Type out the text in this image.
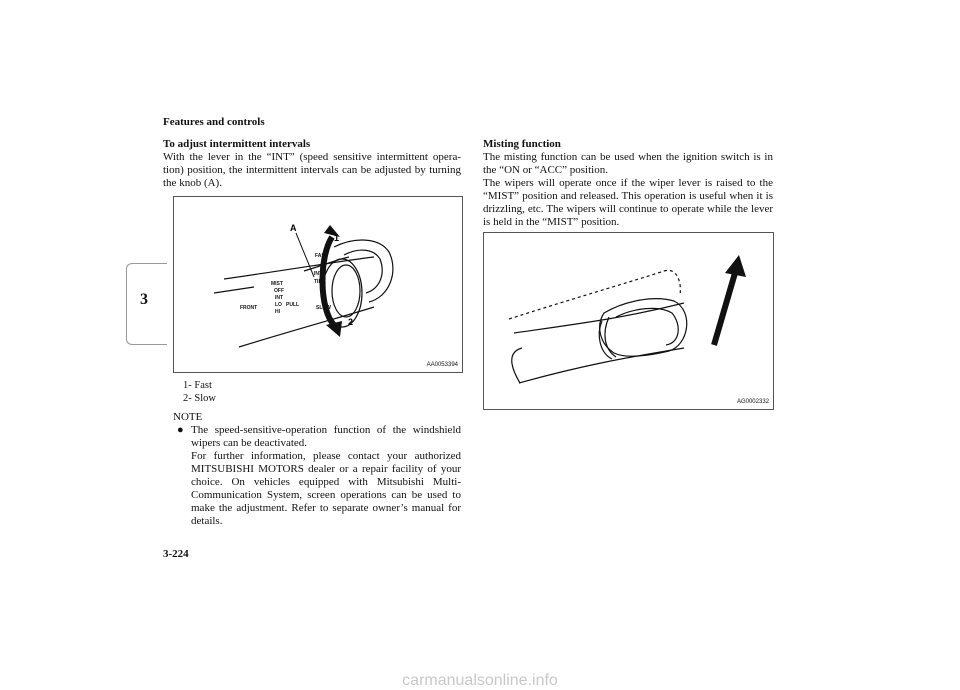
Features and controls
3
To adjust intermittent intervals

With the lever in the “INT” (speed sensitive intermittent opera-tion) position, the intermittent intervals can be adjusted by turning the knob (A).

A
1
2
MIST
OFF
INT
LO PULL
HI
FRONT
INT
TIME
FAST
SLOW
AA0053394
1- Fast
2- Slow
NOTE
● The speed-sensitive-operation function of the windshield wipers can be deactivated.
For further information, please contact your authorized MITSUBISHI MOTORS dealer or a repair facility of your choice. On vehicles equipped with Mitsubishi Multi-Communication System, screen operations can be used to make the adjustment. Refer to separate owner’s manual for details.
Misting function

The misting function can be used when the ignition switch is in the “ON or “ACC” position.

The wipers will operate once if the wiper lever is raised to the “MIST” position and released. This operation is useful when it is drizzling, etc. The wipers will continue to operate while the lever is held in the “MIST” position.

AG0002332
3-224
carmanualsonline.info
